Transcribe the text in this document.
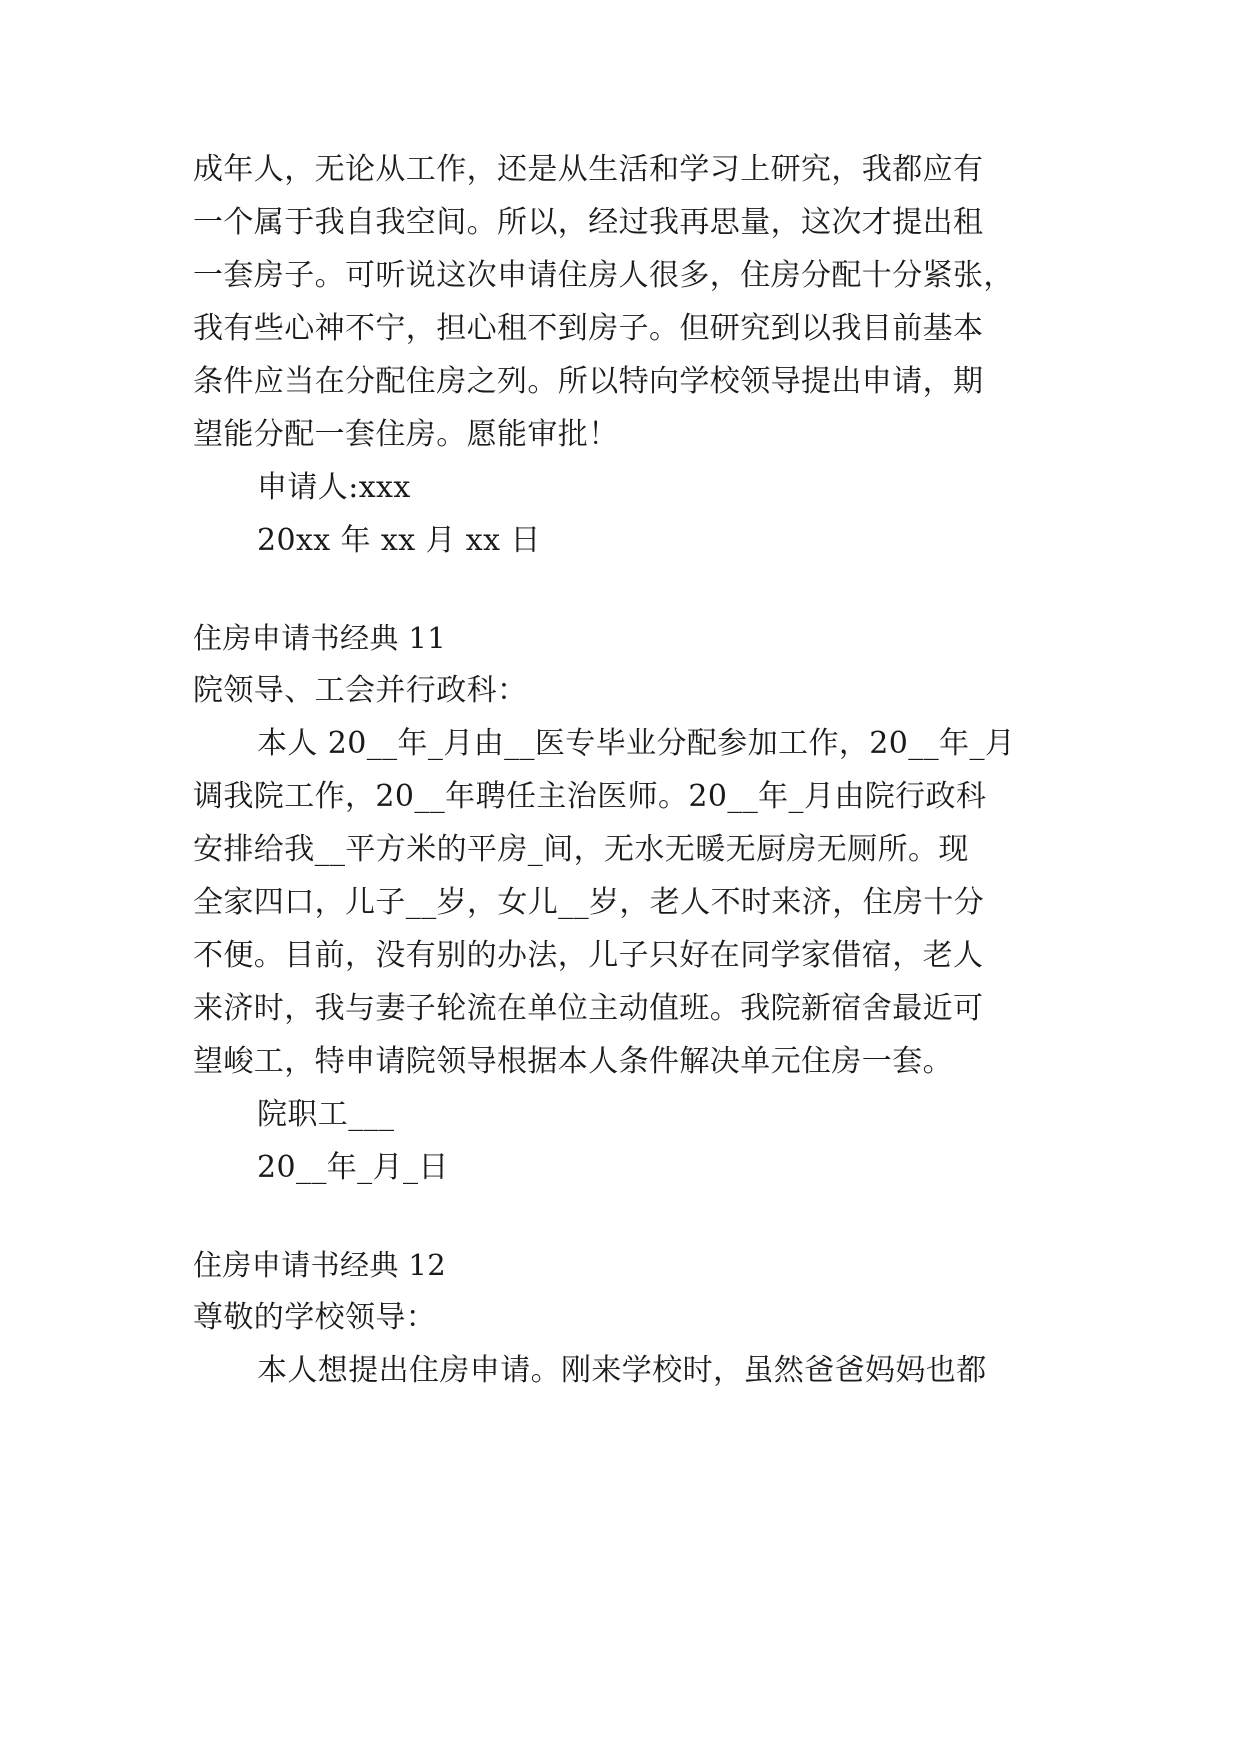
成年人，无论从工作，还是从生活和学习上研究，我都应有
一个属于我自我空间。所以，经过我再思量，这次才提出租
一套房子。可听说这次申请住房人很多，住房分配十分紧张，
我有些心神不宁，担心租不到房子。但研究到以我目前基本
条件应当在分配住房之列。所以特向学校领导提出申请，期
望能分配一套住房。愿能审批！
申请人:xxx
20xx 年 xx 月 xx 日
住房申请书经典 11
院领导、工会并行政科：
本人 20__年_月由__医专毕业分配参加工作，20__年_月
调我院工作，20__年聘任主治医师。20__年_月由院行政科
安排给我__平方米的平房_间，无水无暖无厨房无厕所。现
全家四口，儿子__岁，女儿__岁，老人不时来济，住房十分
不便。目前，没有别的办法，儿子只好在同学家借宿，老人
来济时，我与妻子轮流在单位主动值班。我院新宿舍最近可
望峻工，特申请院领导根据本人条件解决单元住房一套。
院职工___
20__年_月_日
住房申请书经典 12
尊敬的学校领导：
本人想提出住房申请。刚来学校时，虽然爸爸妈妈也都
